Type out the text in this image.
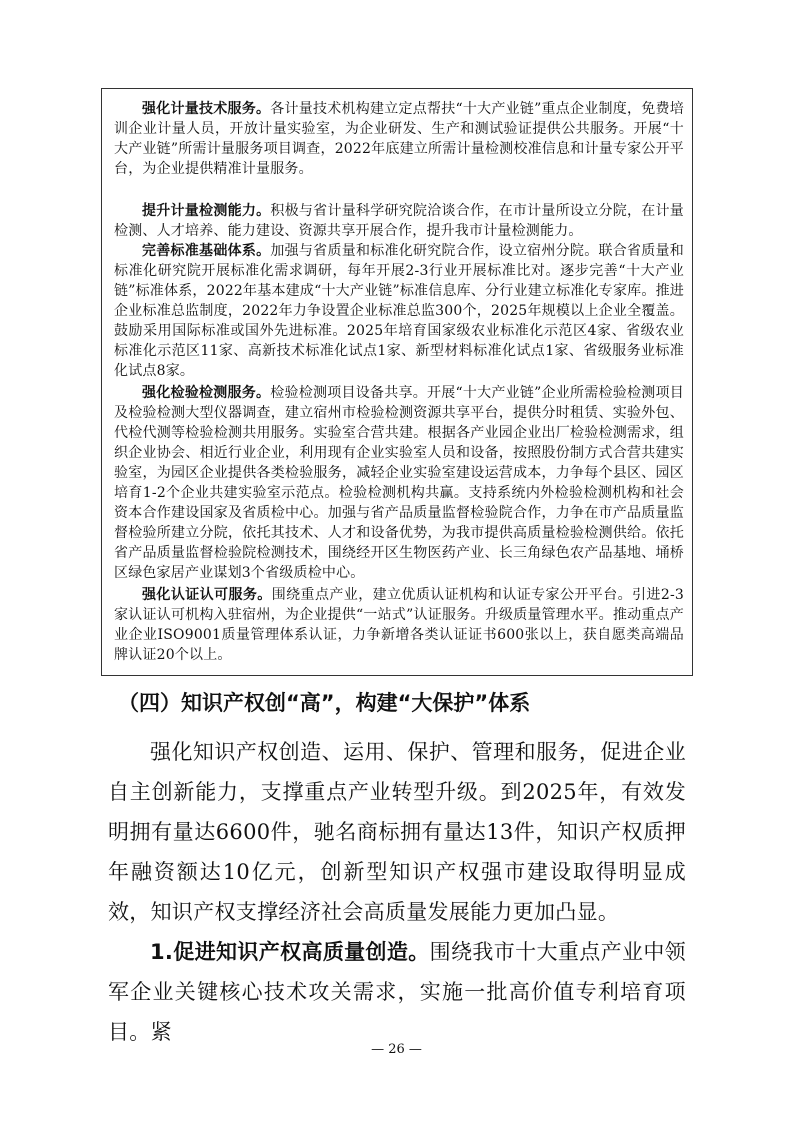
强化计量技术服务。各计量技术机构建立定点帮扶“十大产业链”重点企业制度，免费培训企业计量人员，开放计量实验室，为企业研发、生产和测试验证提供公共服务。开展“十大产业链”所需计量服务项目调查，2022年底建立所需计量检测校准信息和计量专家公开平台，为企业提供精准计量服务。

提升计量检测能力。积极与省计量科学研究院洽谈合作，在市计量所设立分院，在计量检测、人才培养、能力建设、资源共享开展合作，提升我市计量检测能力。

完善标准基础体系。加强与省质量和标准化研究院合作，设立宿州分院。联合省质量和标准化研究院开展标准化需求调研，每年开展2-3行业开展标准比对。逐步完善“十大产业链”标准体系，2022年基本建成“十大产业链”标准信息库、分行业建立标准化专家库。推进企业标准总监制度，2022年力争设置企业标准总监300个，2025年规模以上企业全覆盖。鼓励采用国际标准或国外先进标准。2025年培育国家级农业标准化示范区4家、省级农业标准化示范区11家、高新技术标准化试点1家、新型材料标准化试点1家、省级服务业标准化试点8家。

强化检验检测服务。检验检测项目设备共享。开展“十大产业链”企业所需检验检测项目及检验检测大型仪器调查，建立宿州市检验检测资源共享平台，提供分时租赁、实验外包、代检代测等检验检测共用服务。实验室合营共建。根据各产业园企业出厂检验检测需求，组织企业协会、相近行业企业，利用现有企业实验室人员和设备，按照股份制方式合营共建实验室，为园区企业提供各类检验服务，减轻企业实验室建设运营成本，力争每个县区、园区培育1-2个企业共建实验室示范点。检验检测机构共赢。支持系统内外检验检测机构和社会资本合作建设国家及省质检中心。加强与省产品质量监督检验院合作，力争在市产品质量监督检验所建立分院，依托其技术、人才和设备优势，为我市提供高质量检验检测供给。依托省产品质量监督检验院检测技术，围绕经开区生物医药产业、长三角绿色农产品基地、埇桥区绿色家居产业谋划3个省级质检中心。

强化认证认可服务。围绕重点产业，建立优质认证机构和认证专家公开平台。引进2-3家认证认可机构入驻宿州，为企业提供“一站式”认证服务。升级质量管理水平。推动重点产业企业ISO9001质量管理体系认证，力争新增各类认证证书600张以上，获自愿类高端品牌认证20个以上。

（四）知识产权创“高”，构建“大保护”体系

强化知识产权创造、运用、保护、管理和服务，促进企业自主创新能力，支撑重点产业转型升级。到2025年，有效发明拥有量达6600件，驰名商标拥有量达13件，知识产权质押年融资额达10亿元，创新型知识产权强市建设取得明显成效，知识产权支撑经济社会高质量发展能力更加凸显。

1.促进知识产权高质量创造。围绕我市十大重点产业中领军企业关键核心技术攻关需求，实施一批高价值专利培育项目。紧

— 26 —
